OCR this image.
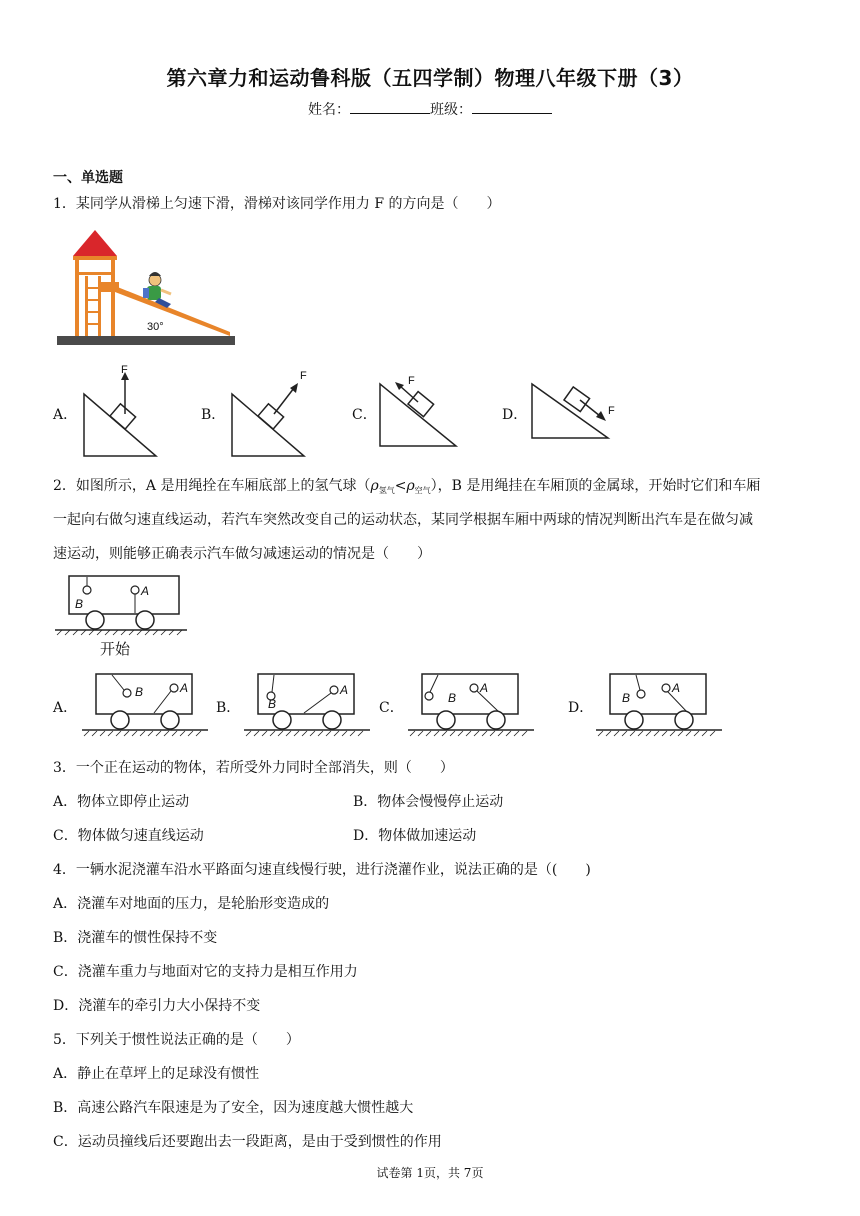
第六章力和运动鲁科版（五四学制）物理八年级下册（3）
姓名：	班级：
一、单选题
1．某同学从滑梯上匀速下滑，滑梯对该同学作用力 F 的方向是（　　）
30°
A．
F
B．
F
C．
F
D．	F
2．如图所示，A 是用绳拴在车厢底部上的氢气球$(\rho_{氢气}<\rho_{空气})$，B 是用绳挂在车厢顶的金属球，开始时它们和车厢
一起向右做匀速直线运动，若汽车突然改变自己的运动状态，某同学根据车厢中两球的情况判断出汽车是在做匀减
速运动，则能够正确表示汽车做匀减速运动的情况是（　　）
B
A
开始
A．
B	A
B． B
A
C．
B
A
D．
B
A
3．一个正在运动的物体，若所受外力同时全部消失，则（　　）
A．物体立即停止运动	B．物体会慢慢停止运动
C．物体做匀速直线运动	D．物体做加速运动
4．一辆水泥浇灌车沿水平路面匀速直线慢行驶，进行浇灌作业，说法正确的是（(　　)
A．浇灌车对地面的压力，是轮胎形变造成的
B．浇灌车的惯性保持不变
C．浇灌车重力与地面对它的支持力是相互作用力
D．浇灌车的牵引力大小保持不变
5．下列关于惯性说法正确的是（　　）
A．静止在草坪上的足球没有惯性
B．高速公路汽车限速是为了安全，因为速度越大惯性越大
C．运动员撞线后还要跑出去一段距离，是由于受到惯性的作用
试卷第 1页，共 7页
